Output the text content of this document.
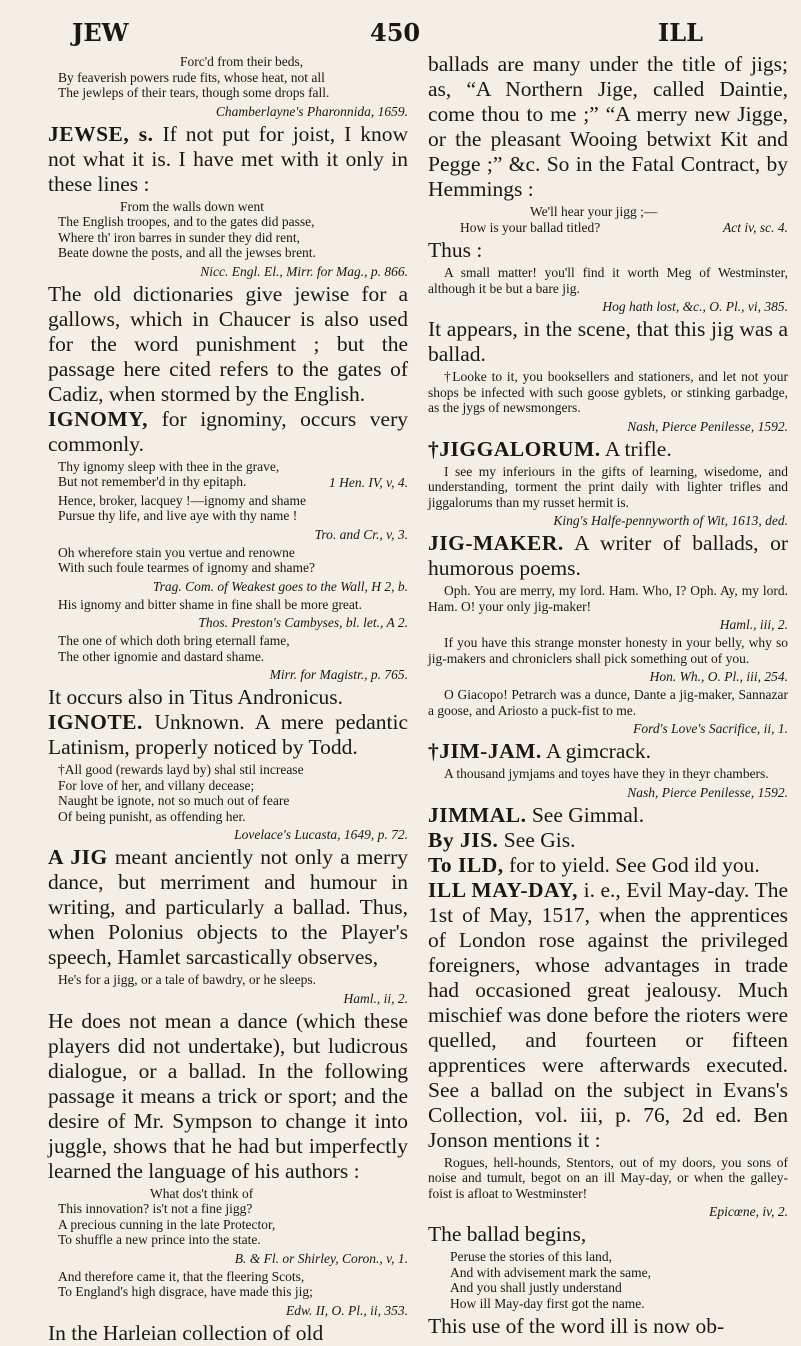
JEW	450	ILL
Forc'd from their beds,
By feaverish powers rude fits, whose heat, not all
The jewleps of their tears, though some drops fall.
Chamberlayne's Pharonnida, 1659.

JEWSE, s. If not put for joist, I know not what it is. I have met with it only in these lines :

From the walls down went
The English troopes, and to the gates did passe,
Where th' iron barres in sunder they did rent,
Beate downe the posts, and all the jewses brent.
Nicc. Engl. El., Mirr. for Mag., p. 866.

The old dictionaries give jewise for a gallows, which in Chaucer is also used for the word punishment ; but the passage here cited refers to the gates of Cadiz, when stormed by the English.

IGNOMY, for ignominy, occurs very commonly.

Thy ignomy sleep with thee in the grave,
But not remember'd in thy epitaph.	1 Hen. IV, v, 4.
Hence, broker, lacquey !—ignomy and shame
Pursue thy life, and live aye with thy name !
Tro. and Cr., v, 3.
Oh wherefore stain you vertue and renowne
With such foule tearmes of ignomy and shame?
Trag. Com. of Weakest goes to the Wall, H 2, b.
His ignomy and bitter shame in fine shall be more great.
Thos. Preston's Cambyses, bl. let., A 2.
The one of which doth bring eternall fame,
The other ignomie and dastard shame.
Mirr. for Magistr., p. 765.

It occurs also in Titus Andronicus.

IGNOTE. Unknown. A mere pedantic Latinism, properly noticed by Todd.

†All good (rewards layd by) shal stil increase
For love of her, and villany decease;
Naught be ignote, not so much out of feare
Of being punisht, as offending her.
Lovelace's Lucasta, 1649, p. 72.

A JIG meant anciently not only a merry dance, but merriment and humour in writing, and particularly a ballad. Thus, when Polonius objects to the Player's speech, Hamlet sarcastically observes,

He's for a jigg, or a tale of bawdry, or he sleeps.
Haml., ii, 2.

He does not mean a dance (which these players did not undertake), but ludicrous dialogue, or a ballad. In the following passage it means a trick or sport; and the desire of Mr. Sympson to change it into juggle, shows that he had but imperfectly learned the language of his authors :

What dos't think of
This innovation? is't not a fine jigg?
A precious cunning in the late Protector,
To shuffle a new prince into the state.
B. & Fl. or Shirley, Coron., v, 1.
And therefore came it, that the fleering Scots,
To England's high disgrace, have made this jig;
Edw. II, O. Pl., ii, 353.

In the Harleian collection of old

ballads are many under the title of jigs; as, “A Northern Jige, called Daintie, come thou to me ;” “A merry new Jigge, or the pleasant Wooing betwixt Kit and Pegge ;” &c. So in the Fatal Contract, by Hemmings :

We'll hear your jigg ;—
How is your ballad titled?	Act iv, sc. 4.

Thus :

A small matter! you'll find it worth Meg of Westminster, although it be but a bare jig.
Hog hath lost, &c., O. Pl., vi, 385.

It appears, in the scene, that this jig was a ballad.

†Looke to it, you booksellers and stationers, and let not your shops be infected with such goose gyblets, or stinking garbadge, as the jygs of newsmongers.
Nash, Pierce Penilesse, 1592.

†JIGGALORUM. A trifle.

I see my inferiours in the gifts of learning, wisedome, and understanding, torment the print daily with lighter trifles and jiggalorums than my russet hermit is.
King's Halfe-pennyworth of Wit, 1613, ded.

JIG-MAKER. A writer of ballads, or humorous poems.

Oph. You are merry, my lord. Ham. Who, I? Oph. Ay, my lord. Ham. O! your only jig-maker!
Haml., iii, 2.
If you have this strange monster honesty in your belly, why so jig-makers and chroniclers shall pick something out of you.
Hon. Wh., O. Pl., iii, 254.
O Giacopo! Petrarch was a dunce, Dante a jig-maker, Sannazar a goose, and Ariosto a puck-fist to me.
Ford's Love's Sacrifice, ii, 1.

†JIM-JAM. A gimcrack.

A thousand jymjams and toyes have they in theyr chambers.
Nash, Pierce Penilesse, 1592.

JIMMAL. See Gimmal.

By JIS. See Gis.

To ILD, for to yield. See God ild you.

ILL MAY-DAY, i. e., Evil May-day. The 1st of May, 1517, when the apprentices of London rose against the privileged foreigners, whose advantages in trade had occasioned great jealousy. Much mischief was done before the rioters were quelled, and fourteen or fifteen apprentices were afterwards executed. See a ballad on the subject in Evans's Collection, vol. iii, p. 76, 2d ed. Ben Jonson mentions it :

Rogues, hell-hounds, Stentors, out of my doors, you sons of noise and tumult, begot on an ill May-day, or when the galley-foist is afloat to Westminster!
Epicœne, iv, 2.

The ballad begins,

Peruse the stories of this land,
And with advisement mark the same,
And you shall justly understand
How ill May-day first got the name.

This use of the word ill is now ob-
